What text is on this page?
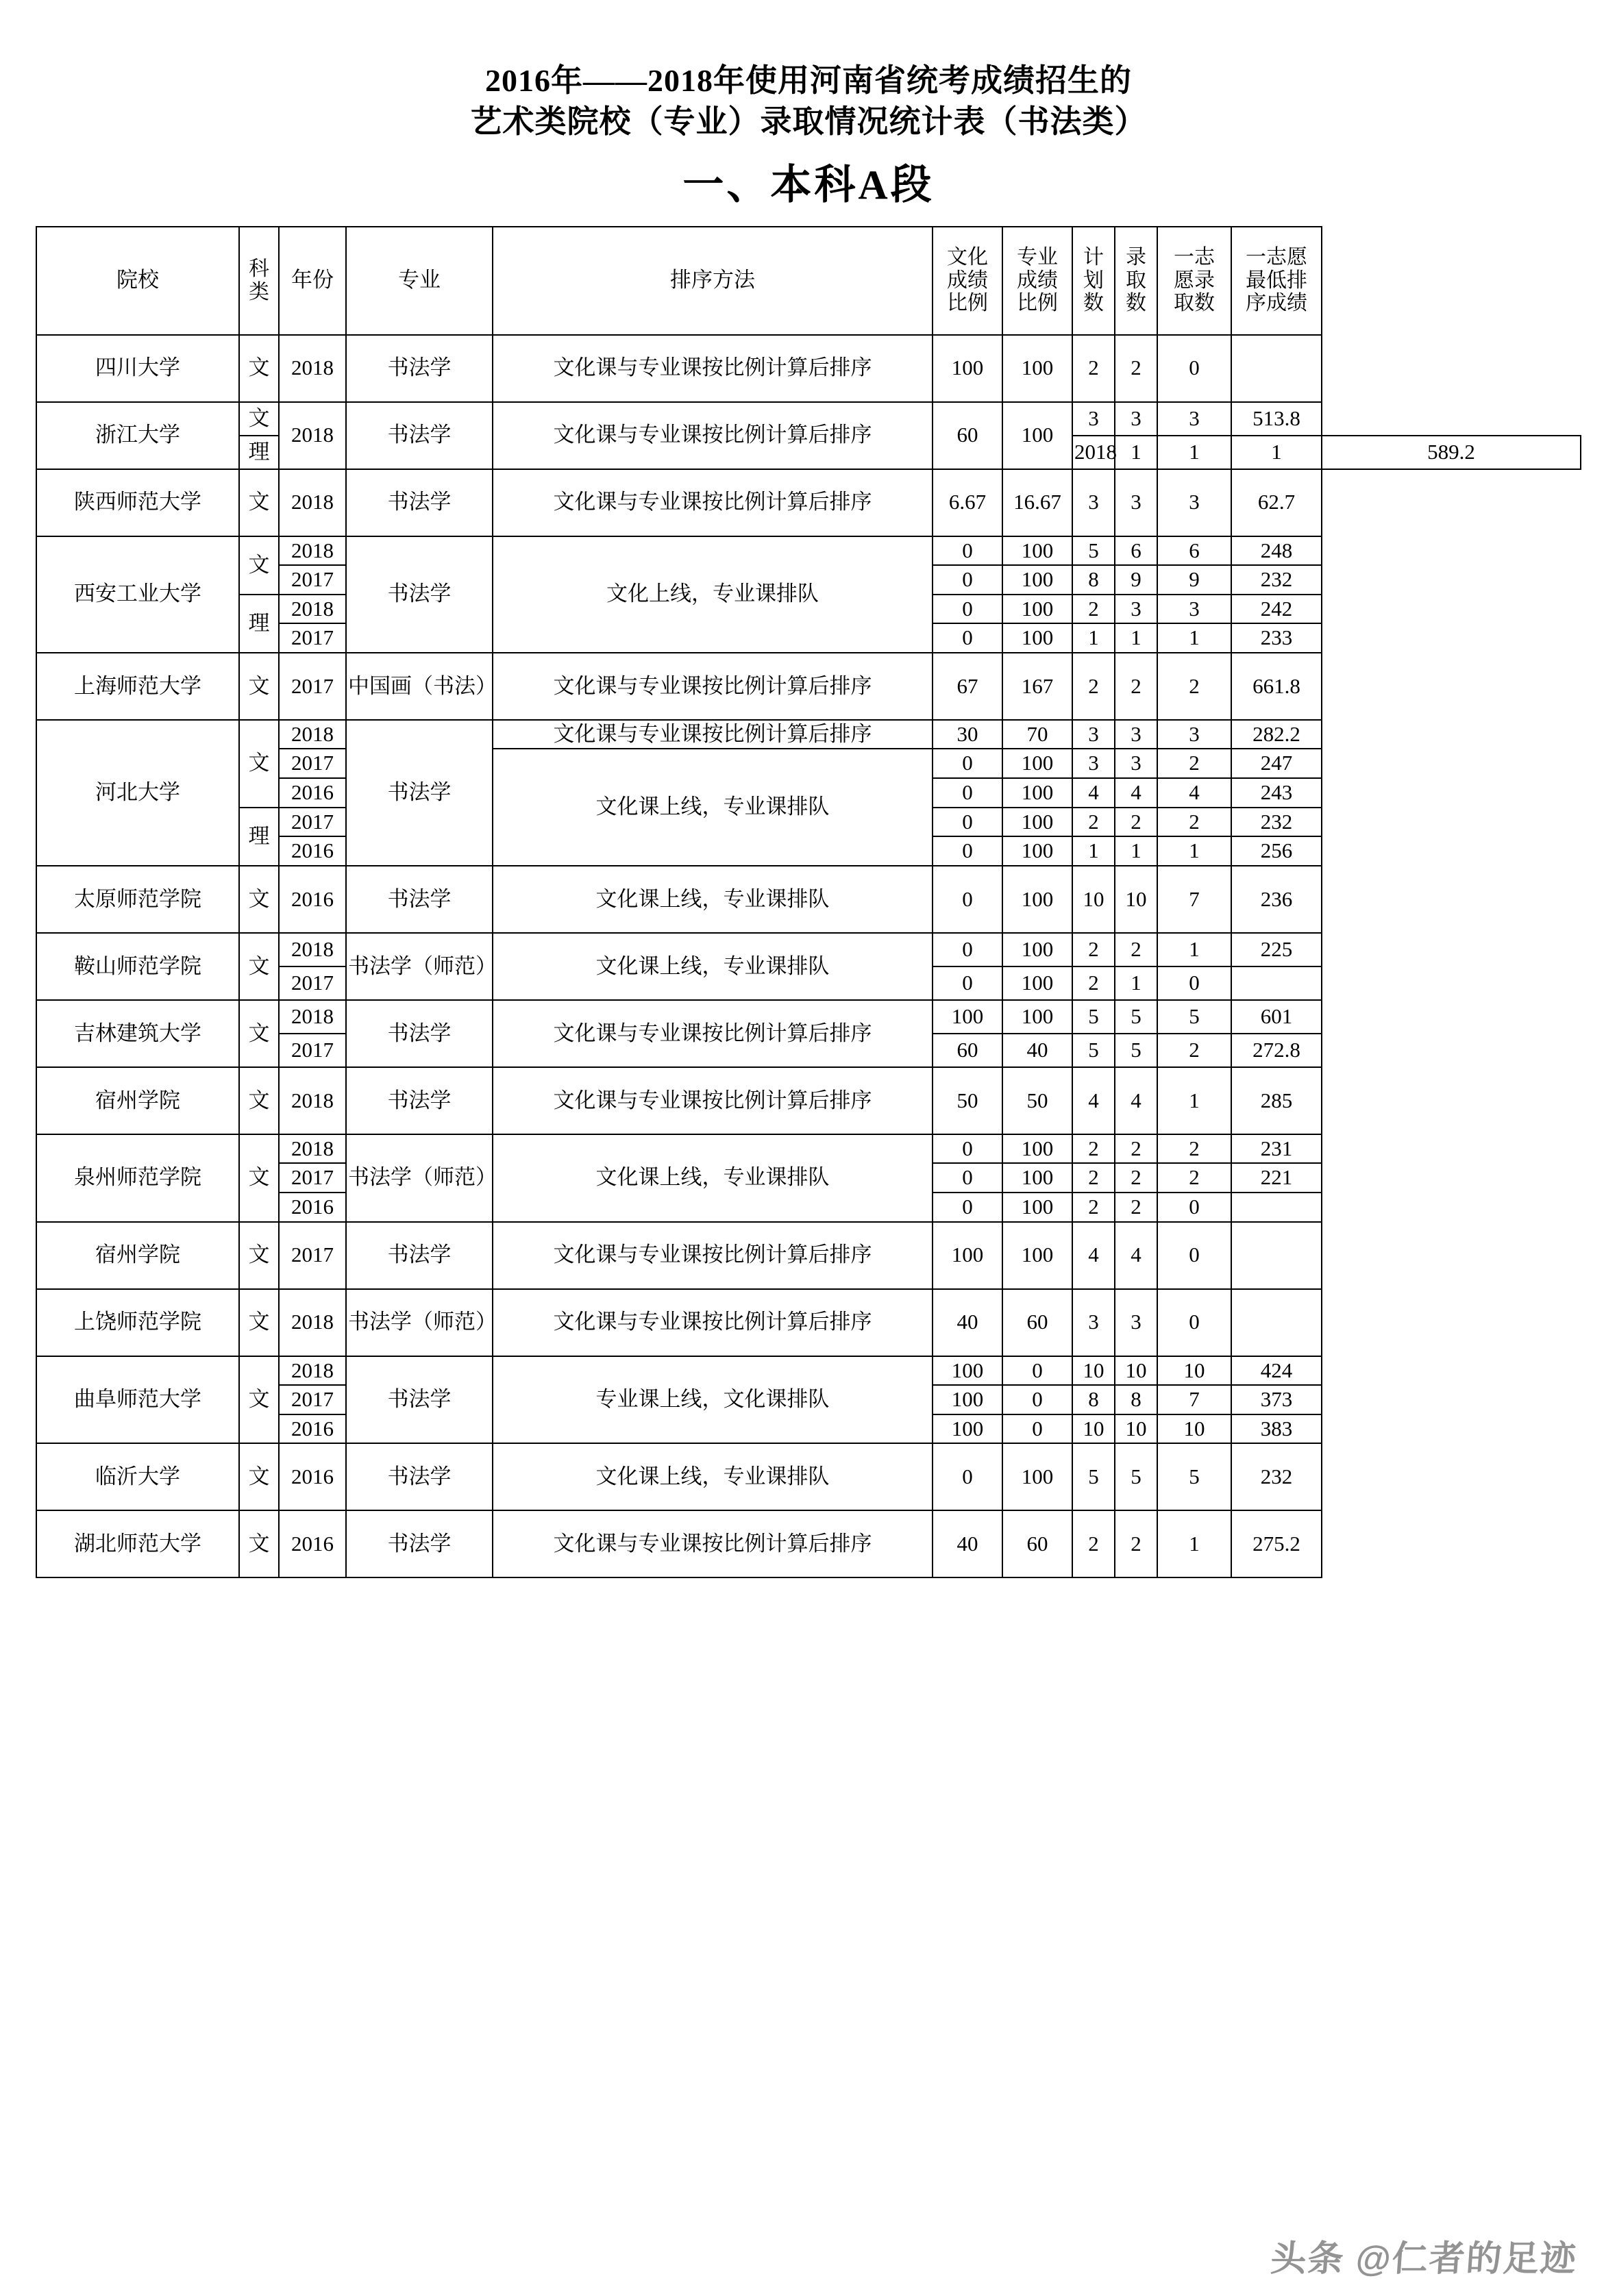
2016年——2018年使用河南省统考成绩招生的
艺术类院校（专业）录取情况统计表（书法类）
一、本科A段
院校	科
类	年份	专业	排序方法	文化
成绩
比例	专业
成绩
比例	计
划
数	录
取
数	一志
愿录
取数	一志愿
最低排
序成绩	
四川大学	文	2018	书法学	文化课与专业课按比例计算后排序	100	100	2	2	0		
浙江大学	文	2018	书法学	文化课与专业课按比例计算后排序	60	100	3	3	3	513.8	
	理						2018	1	1	1	589.2
陕西师范大学	文	2018	书法学	文化课与专业课按比例计算后排序	6.67	16.67	3	3	3	62.7	
西安工业大学	文	2018	书法学	文化上线，专业课排队	0	100	5	6	6	248	
		2017			0	100	8	9	9	232	
	理	2018			0	100	2	3	3	242	
		2017			0	100	1	1	1	233	
上海师范大学	文	2017	中国画（书法）	文化课与专业课按比例计算后排序	67	167	2	2	2	661.8	
河北大学	文	2018	书法学	文化课与专业课按比例计算后排序	30	70	3	3	3	282.2	
		2017		文化课上线，专业课排队	0	100	3	3	2	247	
		2016			0	100	4	4	4	243	
	理	2017			0	100	2	2	2	232	
		2016			0	100	1	1	1	256	
太原师范学院	文	2016	书法学	文化课上线，专业课排队	0	100	10	10	7	236	
鞍山师范学院	文	2018	书法学（师范）	文化课上线，专业课排队	0	100	2	2	1	225	
		2017			0	100	2	1	0		
吉林建筑大学	文	2018	书法学	文化课与专业课按比例计算后排序	100	100	5	5	5	601	
		2017			60	40	5	5	2	272.8	
宿州学院	文	2018	书法学	文化课与专业课按比例计算后排序	50	50	4	4	1	285	
泉州师范学院	文	2018	书法学（师范）	文化课上线，专业课排队	0	100	2	2	2	231	
		2017			0	100	2	2	2	221	
		2016			0	100	2	2	0		
宿州学院	文	2017	书法学	文化课与专业课按比例计算后排序	100	100	4	4	0		
上饶师范学院	文	2018	书法学（师范）	文化课与专业课按比例计算后排序	40	60	3	3	0		
曲阜师范大学	文	2018	书法学	专业课上线，文化课排队	100	0	10	10	10	424	
		2017			100	0	8	8	7	373	
		2016			100	0	10	10	10	383	
临沂大学	文	2016	书法学	文化课上线，专业课排队	0	100	5	5	5	232	
湖北师范大学	文	2016	书法学	文化课与专业课按比例计算后排序	40	60	2	2	1	275.2	
头条 @仁者的足迹
